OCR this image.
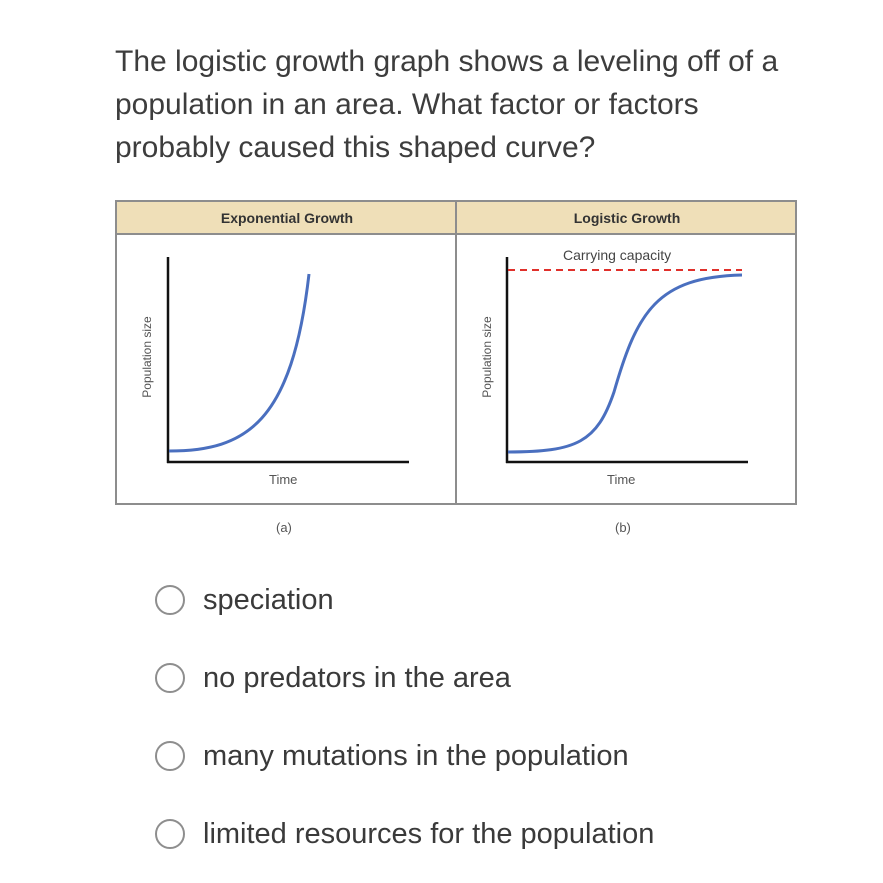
The logistic growth graph shows a leveling off of a population in an area. What factor or factors probably caused this shaped curve?

Exponential Growth	Logistic Growth
Population size	Population size
Time	Time
Carrying capacity
(a)	(b)
speciation
no predators in the area
many mutations in the population
limited resources for the population
